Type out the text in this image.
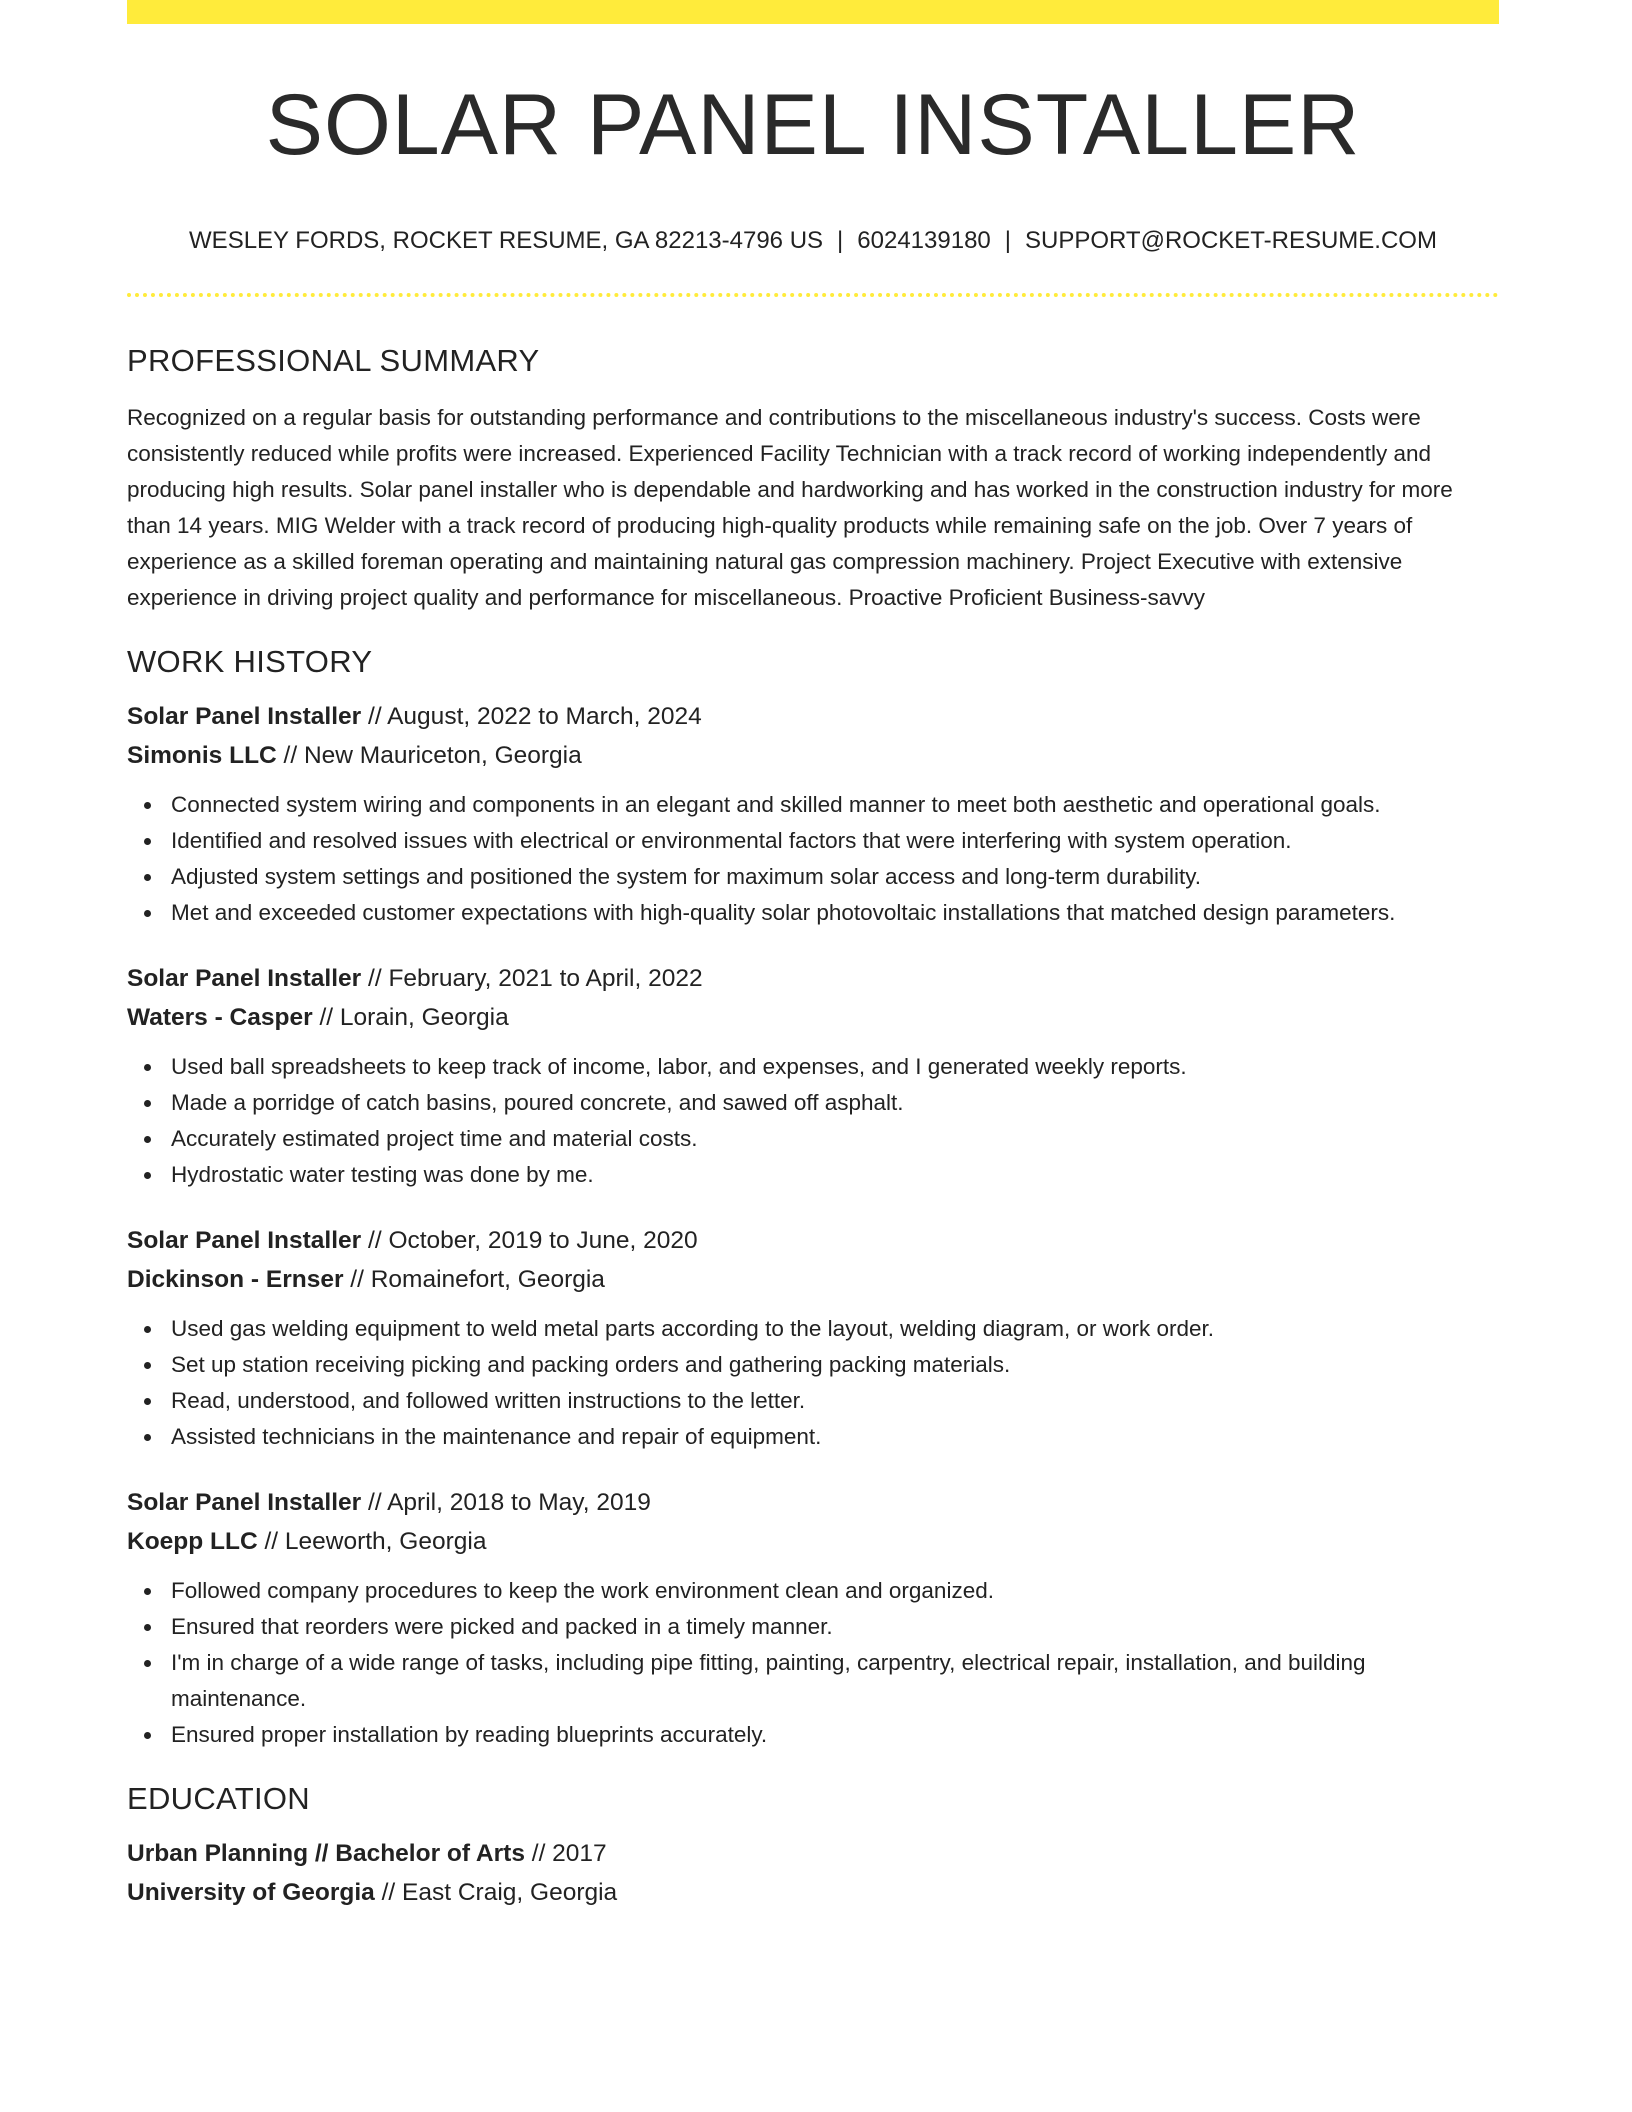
SOLAR PANEL INSTALLER
WESLEY FORDS, ROCKET RESUME, GA 82213-4796 US | 6024139180 | SUPPORT@ROCKET-RESUME.COM
PROFESSIONAL SUMMARY

Recognized on a regular basis for outstanding performance and contributions to the miscellaneous industry's success. Costs were consistently reduced while profits were increased. Experienced Facility Technician with a track record of working independently and producing high results. Solar panel installer who is dependable and hardworking and has worked in the construction industry for more than 14 years. MIG Welder with a track record of producing high-quality products while remaining safe on the job. Over 7 years of experience as a skilled foreman operating and maintaining natural gas compression machinery. Project Executive with extensive experience in driving project quality and performance for miscellaneous. Proactive Proficient Business-savvy

WORK HISTORY
Solar Panel Installer // August, 2022 to March, 2024
Simonis LLC // New Mauriceton, Georgia
Connected system wiring and components in an elegant and skilled manner to meet both aesthetic and operational goals.
Identified and resolved issues with electrical or environmental factors that were interfering with system operation.
Adjusted system settings and positioned the system for maximum solar access and long-term durability.
Met and exceeded customer expectations with high-quality solar photovoltaic installations that matched design parameters.
Solar Panel Installer // February, 2021 to April, 2022
Waters - Casper // Lorain, Georgia
Used ball spreadsheets to keep track of income, labor, and expenses, and I generated weekly reports.
Made a porridge of catch basins, poured concrete, and sawed off asphalt.
Accurately estimated project time and material costs.
Hydrostatic water testing was done by me.
Solar Panel Installer // October, 2019 to June, 2020
Dickinson - Ernser // Romainefort, Georgia
Used gas welding equipment to weld metal parts according to the layout, welding diagram, or work order.
Set up station receiving picking and packing orders and gathering packing materials.
Read, understood, and followed written instructions to the letter.
Assisted technicians in the maintenance and repair of equipment.
Solar Panel Installer // April, 2018 to May, 2019
Koepp LLC // Leeworth, Georgia
Followed company procedures to keep the work environment clean and organized.
Ensured that reorders were picked and packed in a timely manner.
I'm in charge of a wide range of tasks, including pipe fitting, painting, carpentry, electrical repair, installation, and building maintenance.
Ensured proper installation by reading blueprints accurately.
EDUCATION
Urban Planning // Bachelor of Arts // 2017
University of Georgia // East Craig, Georgia
